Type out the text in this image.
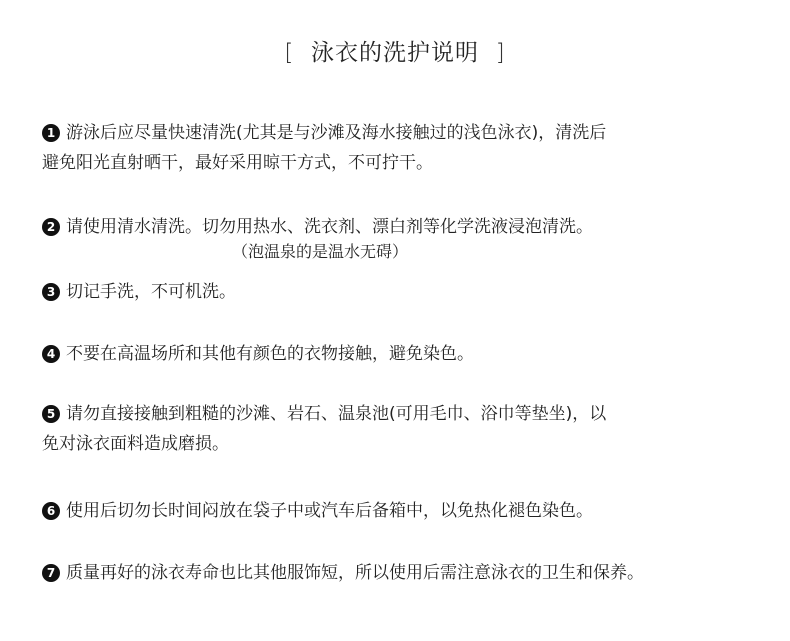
[ 泳衣的洗护说明 ]
1 游泳后应尽量快速清洗(尤其是与沙滩及海水接触过的浅色泳衣)，清洗后
避免阳光直射晒干，最好采用晾干方式，不可拧干。
2 请使用清水清洗。切勿用热水、洗衣剂、漂白剂等化学洗液浸泡清洗。
（泡温泉的是温水无碍）
3 切记手洗，不可机洗。
4 不要在高温场所和其他有颜色的衣物接触，避免染色。
5 请勿直接接触到粗糙的沙滩、岩石、温泉池(可用毛巾、浴巾等垫坐)，以
免对泳衣面料造成磨损。
6 使用后切勿长时间闷放在袋子中或汽车后备箱中，以免热化褪色染色。
7 质量再好的泳衣寿命也比其他服饰短，所以使用后需注意泳衣的卫生和保养。
